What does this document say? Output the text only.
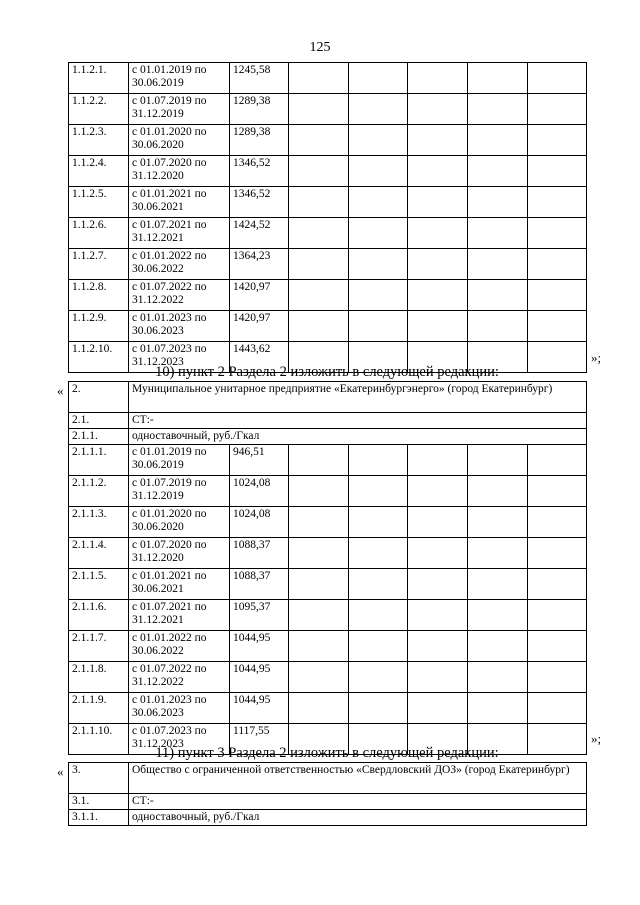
125
1.1.2.1.	с 01.01.2019 по 30.06.2019	1245,58					
1.1.2.2.	с 01.07.2019 по 31.12.2019	1289,38					
1.1.2.3.	с 01.01.2020 по 30.06.2020	1289,38					
1.1.2.4.	с 01.07.2020 по 31.12.2020	1346,52					
1.1.2.5.	с 01.01.2021 по 30.06.2021	1346,52					
1.1.2.6.	с 01.07.2021 по 31.12.2021	1424,52					
1.1.2.7.	с 01.01.2022 по 30.06.2022	1364,23					
1.1.2.8.	с 01.07.2022 по 31.12.2022	1420,97					
1.1.2.9.	с 01.01.2023 по 30.06.2023	1420,97					
1.1.2.10.	с 01.07.2023 по 31.12.2023	1443,62					
»;
10) пункт 2 Раздела 2 изложить в следующей редакции:
« 2.	Муниципальное унитарное предприятие «Екатеринбургэнерго» (город Екатеринбург)						
2.1.	СТ:-						
2.1.1.	одноставочный, руб./Гкал						
2.1.1.1.	с 01.01.2019 по 30.06.2019	946,51					
2.1.1.2.	с 01.07.2019 по 31.12.2019	1024,08					
2.1.1.3.	с 01.01.2020 по 30.06.2020	1024,08					
2.1.1.4.	с 01.07.2020 по 31.12.2020	1088,37					
2.1.1.5.	с 01.01.2021 по 30.06.2021	1088,37					
2.1.1.6.	с 01.07.2021 по 31.12.2021	1095,37					
2.1.1.7.	с 01.01.2022 по 30.06.2022	1044,95					
2.1.1.8.	с 01.07.2022 по 31.12.2022	1044,95					
2.1.1.9.	с 01.01.2023 по 30.06.2023	1044,95					
2.1.1.10.	с 01.07.2023 по 31.12.2023	1117,55						»;
11) пункт 3 Раздела 2 изложить в следующей редакции:
« 3.	Общество с ограниченной ответственностью «Свердловский ДОЗ» (город Екатеринбург)
3.1.	СТ:-
3.1.1.	одноставочный, руб./Гкал
